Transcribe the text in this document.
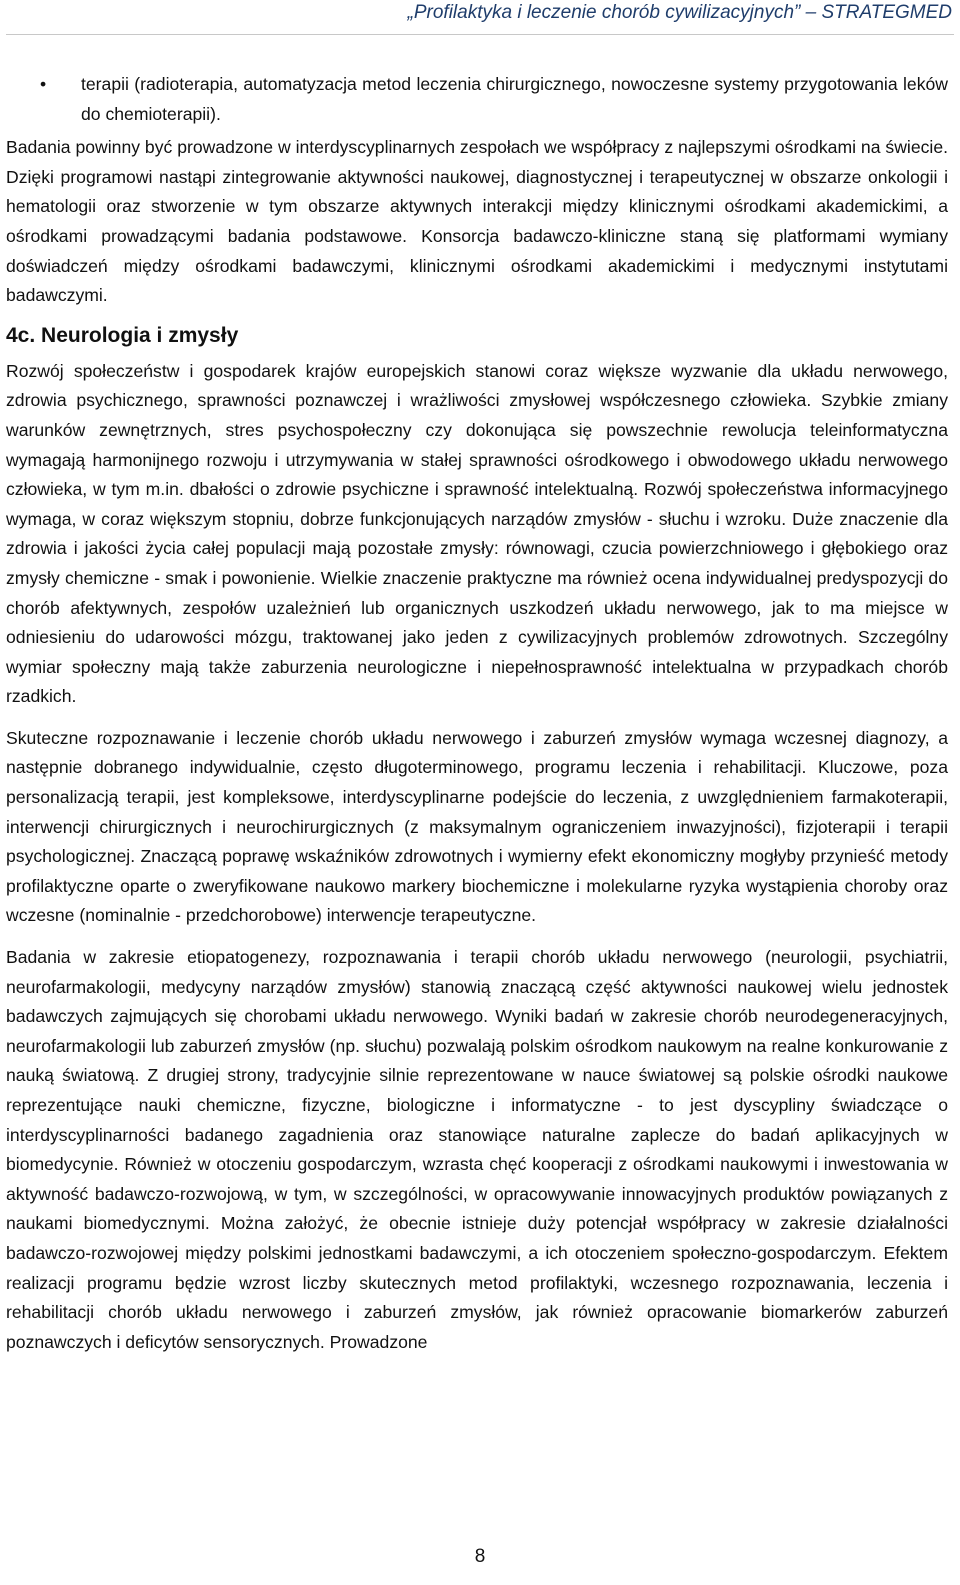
„Profilaktyka i leczenie chorób cywilizacyjnych” – STRATEGMED
• terapii (radioterapia, automatyzacja metod leczenia chirurgicznego, nowoczesne systemy przygotowania leków do chemioterapii).

Badania powinny być prowadzone w interdyscyplinarnych zespołach we współpracy z najlepszymi ośrodkami na świecie. Dzięki programowi nastąpi zintegrowanie aktywności naukowej, diagnostycznej i terapeutycznej w obszarze onkologii i hematologii oraz stworzenie w tym obszarze aktywnych interakcji między klinicznymi ośrodkami akademickimi, a ośrodkami prowadzącymi badania podstawowe. Konsorcja badawczo-kliniczne staną się platformami wymiany doświadczeń między ośrodkami badawczymi, klinicznymi ośrodkami akademickimi i medycznymi instytutami badawczymi.

4c. Neurologia i zmysły

Rozwój społeczeństw i gospodarek krajów europejskich stanowi coraz większe wyzwanie dla układu nerwowego, zdrowia psychicznego, sprawności poznawczej i wrażliwości zmysłowej współczesnego człowieka. Szybkie zmiany warunków zewnętrznych, stres psychospołeczny czy dokonująca się powszechnie rewolucja teleinformatyczna wymagają harmonijnego rozwoju i utrzymywania w stałej sprawności ośrodkowego i obwodowego układu nerwowego człowieka, w tym m.in. dbałości o zdrowie psychiczne i sprawność intelektualną. Rozwój społeczeństwa informacyjnego wymaga, w coraz większym stopniu, dobrze funkcjonujących narządów zmysłów - słuchu i wzroku. Duże znaczenie dla zdrowia i jakości życia całej populacji mają pozostałe zmysły: równowagi, czucia powierzchniowego i głębokiego oraz zmysły chemiczne - smak i powonienie. Wielkie znaczenie praktyczne ma również ocena indywidualnej predyspozycji do chorób afektywnych, zespołów uzależnień lub organicznych uszkodzeń układu nerwowego, jak to ma miejsce w odniesieniu do udarowości mózgu, traktowanej jako jeden z cywilizacyjnych problemów zdrowotnych. Szczególny wymiar społeczny mają także zaburzenia neurologiczne i niepełnosprawność intelektualna w przypadkach chorób rzadkich.

Skuteczne rozpoznawanie i leczenie chorób układu nerwowego i zaburzeń zmysłów wymaga wczesnej diagnozy, a następnie dobranego indywidualnie, często długoterminowego, programu leczenia i rehabilitacji. Kluczowe, poza personalizacją terapii, jest kompleksowe, interdyscyplinarne podejście do leczenia, z uwzględnieniem farmakoterapii, interwencji chirurgicznych i neurochirurgicznych (z maksymalnym ograniczeniem inwazyjności), fizjoterapii i terapii psychologicznej. Znaczącą poprawę wskaźników zdrowotnych i wymierny efekt ekonomiczny mogłyby przynieść metody profilaktyczne oparte o zweryfikowane naukowo markery biochemiczne i molekularne ryzyka wystąpienia choroby oraz wczesne (nominalnie - przedchorobowe) interwencje terapeutyczne.

Badania w zakresie etiopatogenezy, rozpoznawania i terapii chorób układu nerwowego (neurologii, psychiatrii, neurofarmakologii, medycyny narządów zmysłów) stanowią znaczącą część aktywności naukowej wielu jednostek badawczych zajmujących się chorobami układu nerwowego. Wyniki badań w zakresie chorób neurodegeneracyjnych, neurofarmakologii lub zaburzeń zmysłów (np. słuchu) pozwalają polskim ośrodkom naukowym na realne konkurowanie z nauką światową. Z drugiej strony, tradycyjnie silnie reprezentowane w nauce światowej są polskie ośrodki naukowe reprezentujące nauki chemiczne, fizyczne, biologiczne i informatyczne - to jest dyscypliny świadczące o interdyscyplinarności badanego zagadnienia oraz stanowiące naturalne zaplecze do badań aplikacyjnych w biomedycynie. Również w otoczeniu gospodarczym, wzrasta chęć kooperacji z ośrodkami naukowymi i inwestowania w aktywność badawczo-rozwojową, w tym, w szczególności, w opracowywanie innowacyjnych produktów powiązanych z naukami biomedycznymi. Można założyć, że obecnie istnieje duży potencjał współpracy w zakresie działalności badawczo-rozwojowej między polskimi jednostkami badawczymi, a ich otoczeniem społeczno-gospodarczym. Efektem realizacji programu będzie wzrost liczby skutecznych metod profilaktyki, wczesnego rozpoznawania, leczenia i rehabilitacji chorób układu nerwowego i zaburzeń zmysłów, jak również opracowanie biomarkerów zaburzeń poznawczych i deficytów sensorycznych. Prowadzone

8
